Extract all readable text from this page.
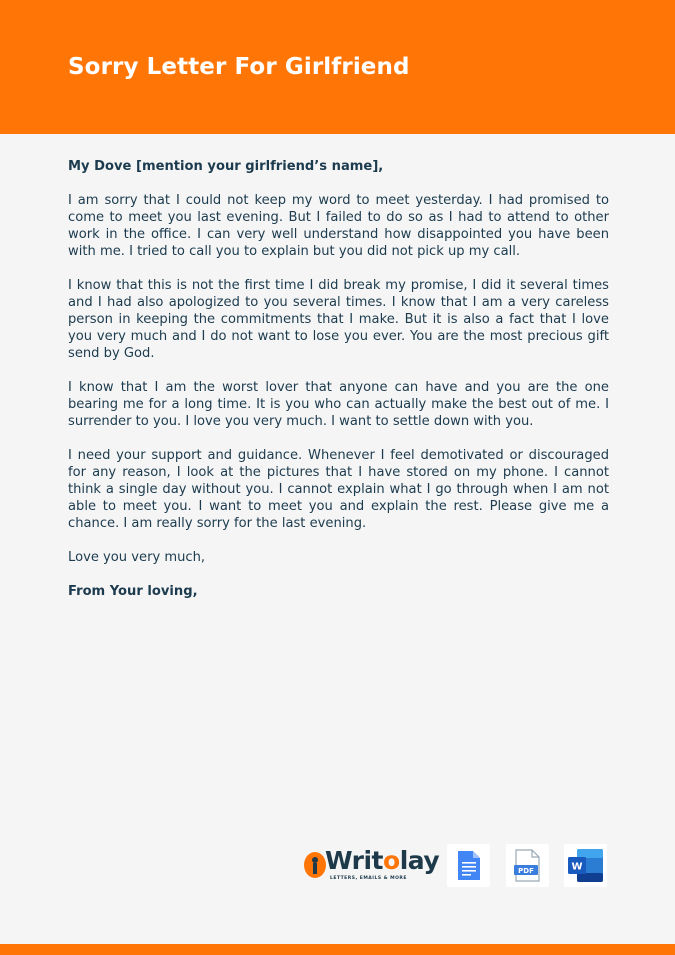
Sorry Letter For Girlfriend

My Dove [mention your girlfriend’s name],

I am sorry that I could not keep my word to meet yesterday. I had promised to come to meet you last evening. But I failed to do so as I had to attend to other work in the office. I can very well understand how disappointed you have been with me. I tried to call you to explain but you did not pick up my call.

I know that this is not the first time I did break my promise, I did it several times and I had also apologized to you several times. I know that I am a very careless person in keeping the commitments that I make. But it is also a fact that I love you very much and I do not want to lose you ever. You are the most precious gift send by God.

I know that I am the worst lover that anyone can have and you are the one bearing me for a long time. It is you who can actually make the best out of me. I surrender to you. I love you very much. I want to settle down with you.

I need your support and guidance. Whenever I feel demotivated or discouraged for any reason, I look at the pictures that I have stored on my phone. I cannot think a single day without you. I cannot explain what I go through when I am not able to meet you. I want to meet you and explain the rest. Please give me a chance. I am really sorry for the last evening.

Love you very much,

From Your loving,

Writolay
LETTERS, EMAILS & MORE
PDF	W
